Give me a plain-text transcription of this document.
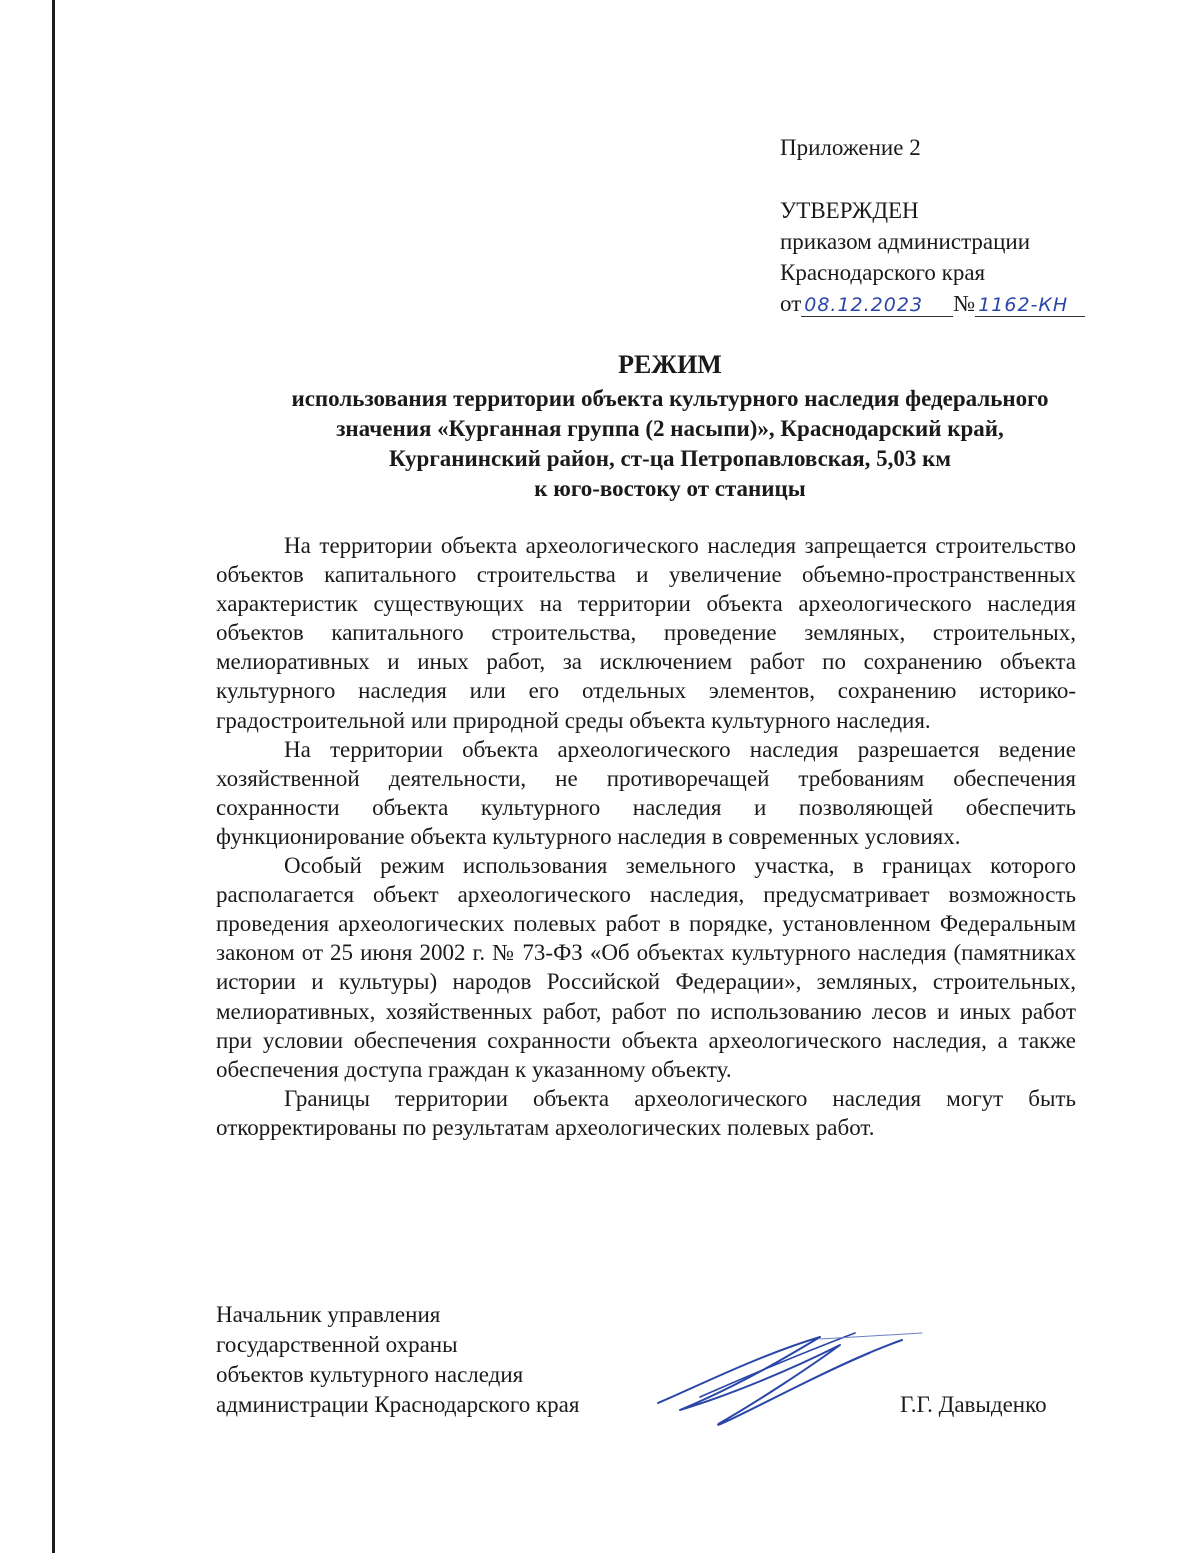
Приложение 2
УТВЕРЖДЕН
приказом администрации
Краснодарского края
от 08.12.2023 № 1162-КН
РЕЖИМ
использования территории объекта культурного наследия федерального
значения «Курганная группа (2 насыпи)», Краснодарский край,
Курганинский район, ст-ца Петропавловская, 5,03 км
к юго-востоку от станицы

На территории объекта археологического наследия запрещается строительство объектов капитального строительства и увеличение объемно-пространственных характеристик существующих на территории объекта археологического наследия объектов капитального строительства, проведение земляных, строительных, мелиоративных и иных работ, за исключением работ по сохранению объекта культурного наследия или его отдельных элементов, сохранению историко-градостроительной или природной среды объекта культурного наследия.

На территории объекта археологического наследия разрешается ведение хозяйственной деятельности, не противоречащей требованиям обеспечения сохранности объекта культурного наследия и позволяющей обеспечить функционирование объекта культурного наследия в современных условиях.

Особый режим использования земельного участка, в границах которого располагается объект археологического наследия, предусматривает возможность проведения археологических полевых работ в порядке, установленном Федеральным законом от 25 июня 2002 г. № 73-ФЗ «Об объектах культурного наследия (памятниках истории и культуры) народов Российской Федерации», земляных, строительных, мелиоративных, хозяйственных работ, работ по использованию лесов и иных работ при условии обеспечения сохранности объекта археологического наследия, а также обеспечения доступа граждан к указанному объекту.

Границы территории объекта археологического наследия могут быть откорректированы по результатам археологических полевых работ.

Начальник управления
государственной охраны
объектов культурного наследия
администрации Краснодарского края	Г.Г. Давыденко
